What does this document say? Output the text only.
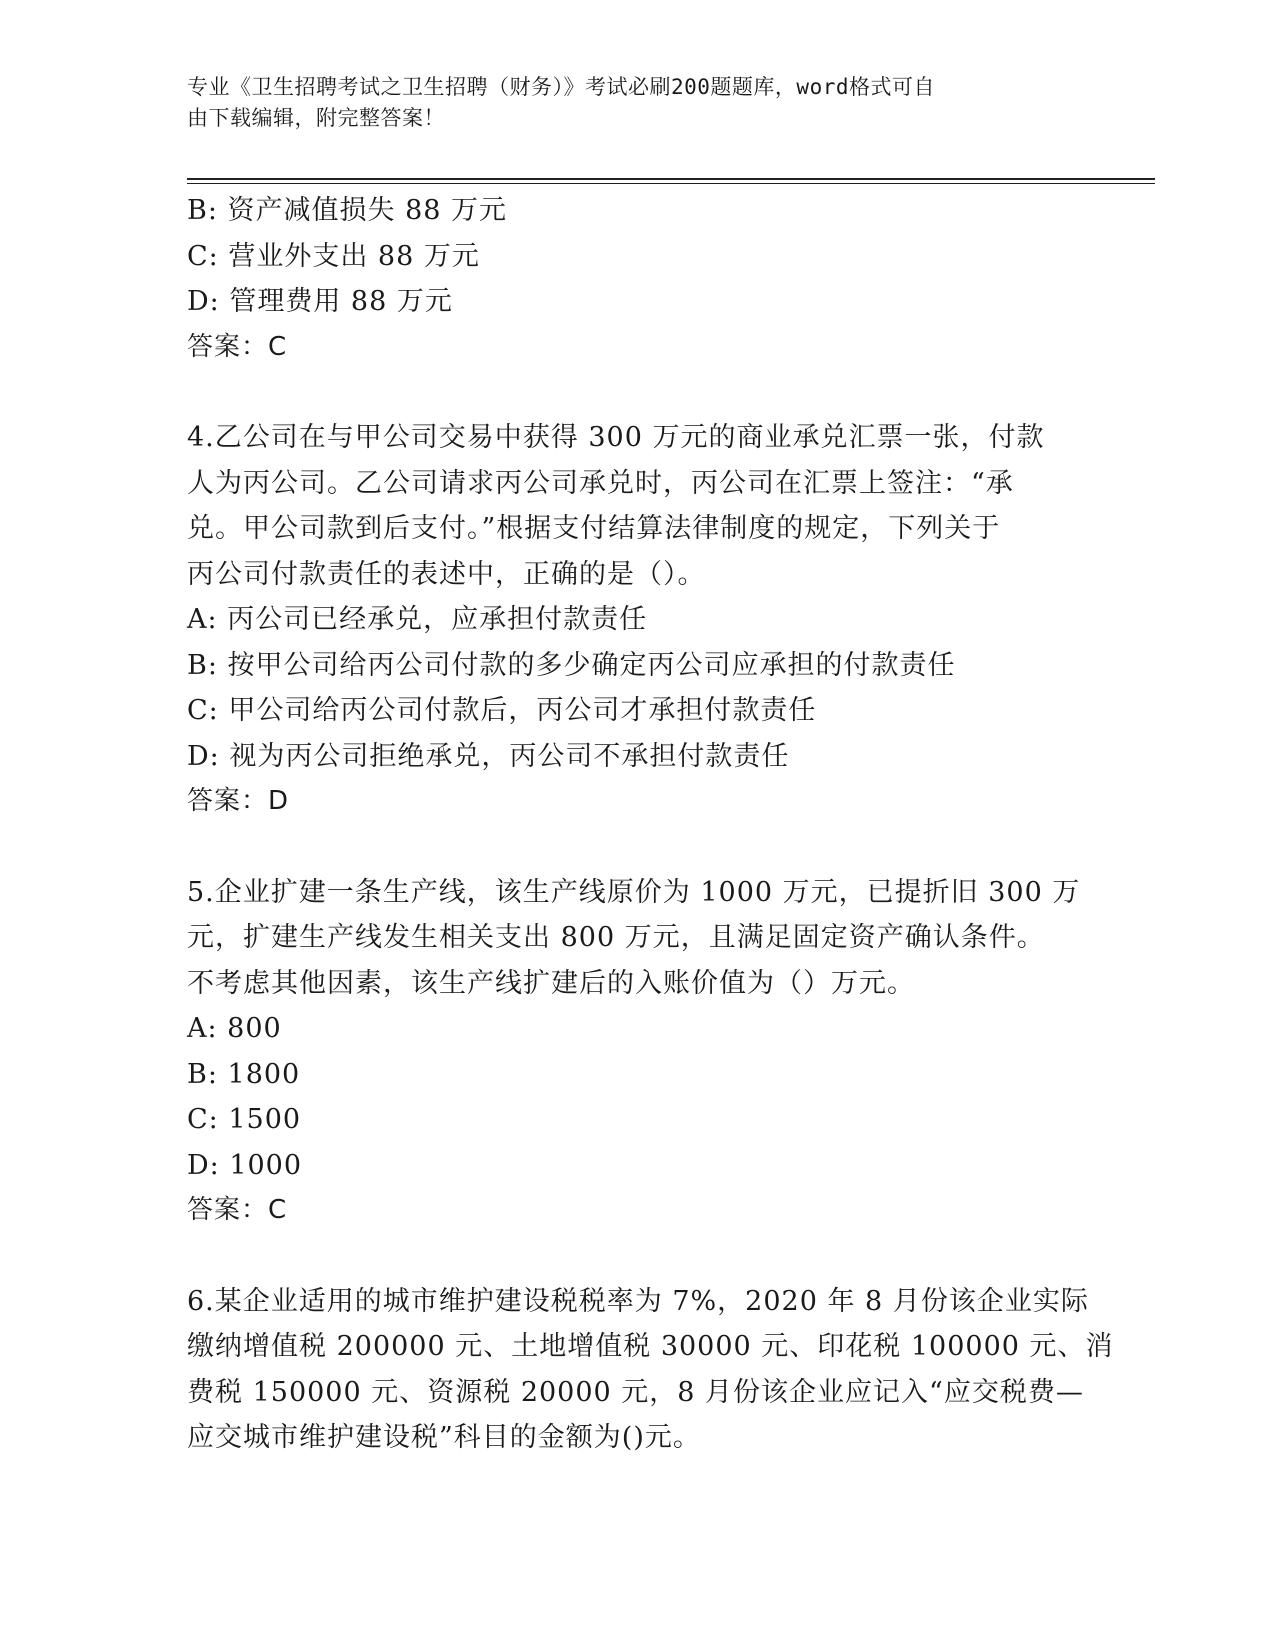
专业《卫生招聘考试之卫生招聘（财务）》考试必刷200题题库，word格式可自
由下载编辑，附完整答案！
B: 资产减值损失 88 万元
C: 营业外支出 88 万元
D: 管理费用 88 万元
答案：C
4.乙公司在与甲公司交易中获得 300 万元的商业承兑汇票一张，付款
人为丙公司。乙公司请求丙公司承兑时，丙公司在汇票上签注：“承
兑。甲公司款到后支付。”根据支付结算法律制度的规定，下列关于
丙公司付款责任的表述中，正确的是（）。
A: 丙公司已经承兑，应承担付款责任
B: 按甲公司给丙公司付款的多少确定丙公司应承担的付款责任
C: 甲公司给丙公司付款后，丙公司才承担付款责任
D: 视为丙公司拒绝承兑，丙公司不承担付款责任
答案：D
5.企业扩建一条生产线，该生产线原价为 1000 万元，已提折旧 300 万
元，扩建生产线发生相关支出 800 万元，且满足固定资产确认条件。
不考虑其他因素，该生产线扩建后的入账价值为（）万元。
A: 800
B: 1800
C: 1500
D: 1000
答案：C
6.某企业适用的城市维护建设税税率为 7%，2020 年 8 月份该企业实际
缴纳增值税 200000 元、土地增值税 30000 元、印花税 100000 元、消
费税 150000 元、资源税 20000 元，8 月份该企业应记入“应交税费—
应交城市维护建设税”科目的金额为()元。
